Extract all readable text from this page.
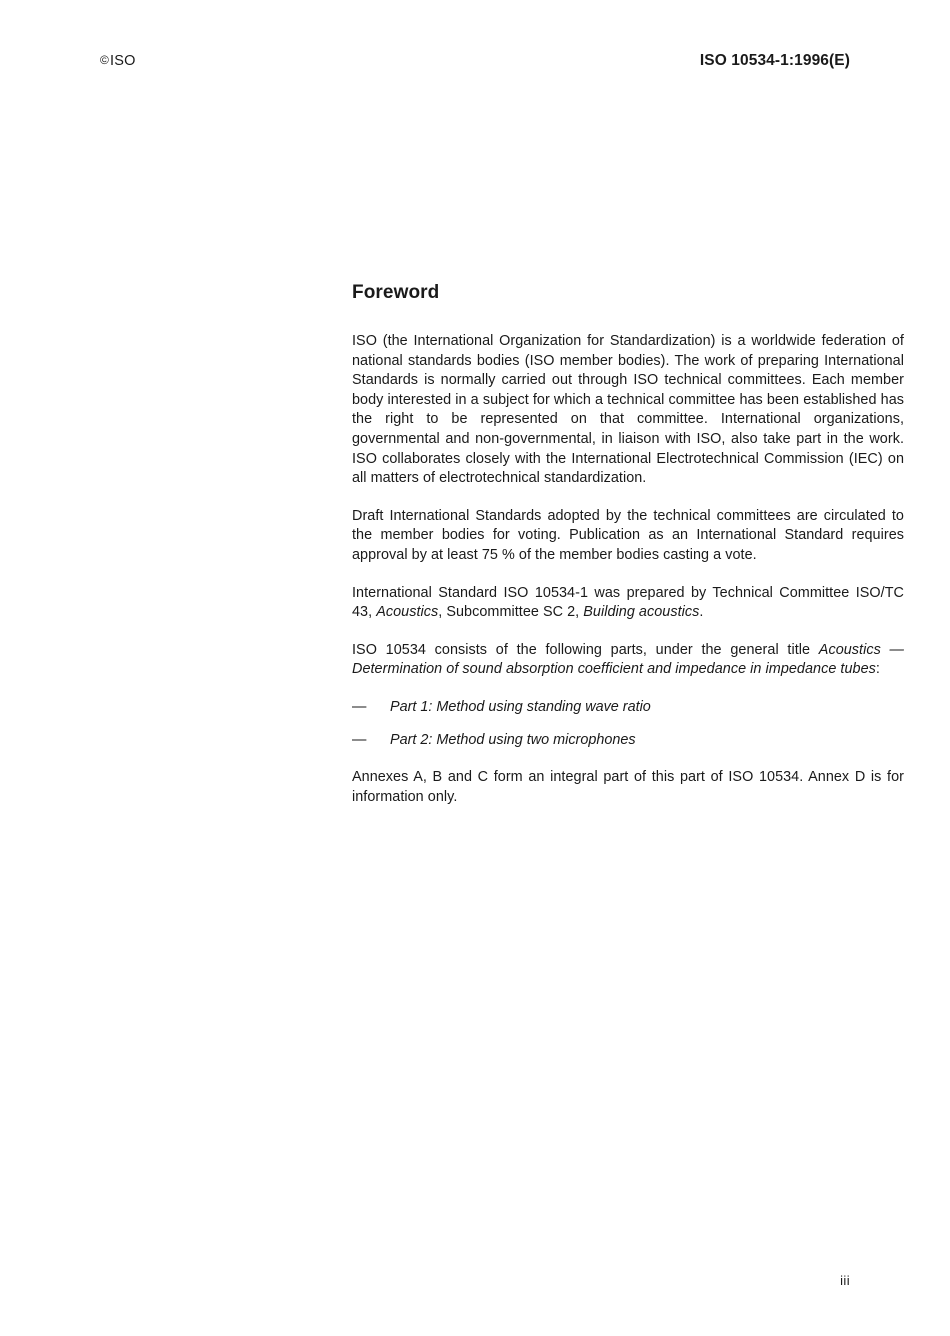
©ISO	ISO 10534-1:1996(E)
Foreword

ISO (the International Organization for Standardization) is a worldwide federation of national standards bodies (ISO member bodies). The work of preparing International Standards is normally carried out through ISO technical committees. Each member body interested in a subject for which a technical committee has been established has the right to be represented on that committee. International organizations, governmental and non-governmental, in liaison with ISO, also take part in the work. ISO collaborates closely with the International Electrotechnical Commission (IEC) on all matters of electrotechnical standardization.

Draft International Standards adopted by the technical committees are circulated to the member bodies for voting. Publication as an International Standard requires approval by at least 75 % of the member bodies casting a vote.

International Standard ISO 10534-1 was prepared by Technical Committee ISO/TC 43, Acoustics, Subcommittee SC 2, Building acoustics.

ISO 10534 consists of the following parts, under the general title Acoustics — Determination of sound absorption coefficient and impedance in impedance tubes:

— Part 1: Method using standing wave ratio
— Part 2: Method using two microphones

Annexes A, B and C form an integral part of this part of ISO 10534. Annex D is for information only.

iii
